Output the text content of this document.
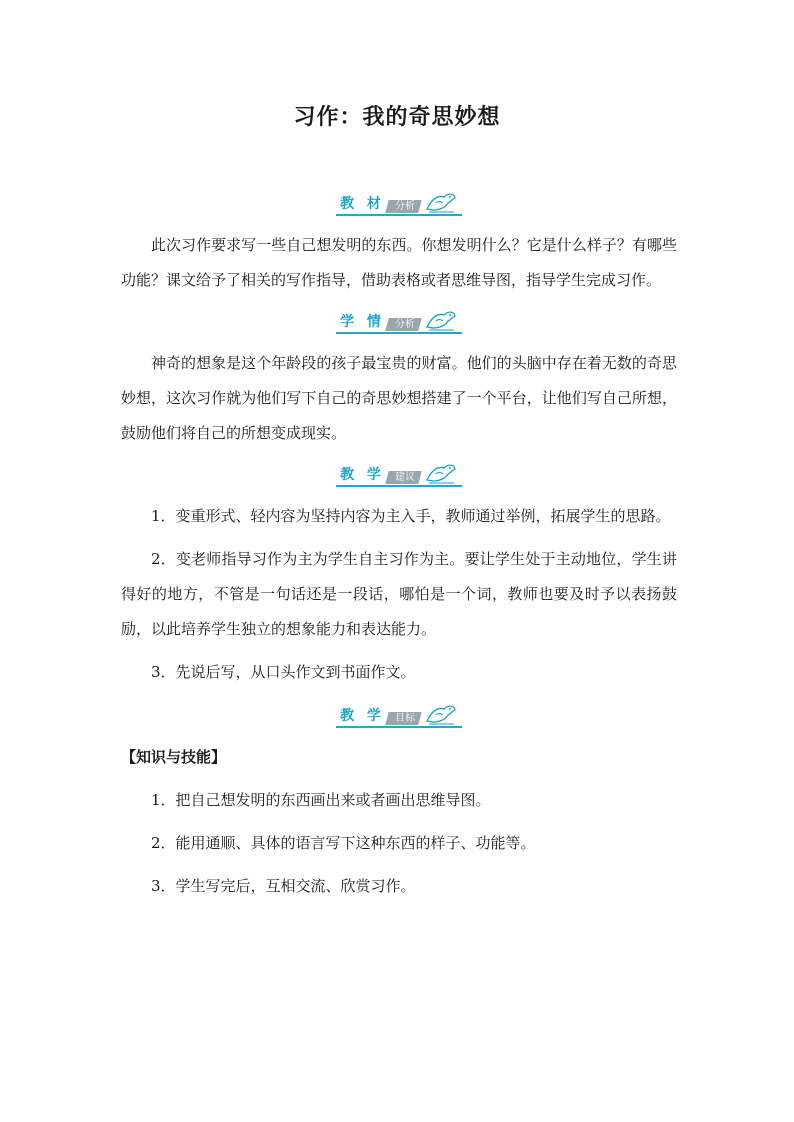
习作：我的奇思妙想
教 材	分析

此次习作要求写一些自己想发明的东西。你想发明什么？它是什么样子？有哪些功能？课文给予了相关的写作指导，借助表格或者思维导图，指导学生完成习作。

学 情	分析

神奇的想象是这个年龄段的孩子最宝贵的财富。他们的头脑中存在着无数的奇思妙想，这次习作就为他们写下自己的奇思妙想搭建了一个平台，让他们写自己所想，鼓励他们将自己的所想变成现实。

教 学	建议

1．变重形式、轻内容为坚持内容为主入手，教师通过举例，拓展学生的思路。

2．变老师指导习作为主为学生自主习作为主。要让学生处于主动地位，学生讲得好的地方，不管是一句话还是一段话，哪怕是一个词，教师也要及时予以表扬鼓励，以此培养学生独立的想象能力和表达能力。

3．先说后写，从口头作文到书面作文。

教 学	目标

【知识与技能】

1．把自己想发明的东西画出来或者画出思维导图。

2．能用通顺、具体的语言写下这种东西的样子、功能等。

3．学生写完后，互相交流、欣赏习作。
